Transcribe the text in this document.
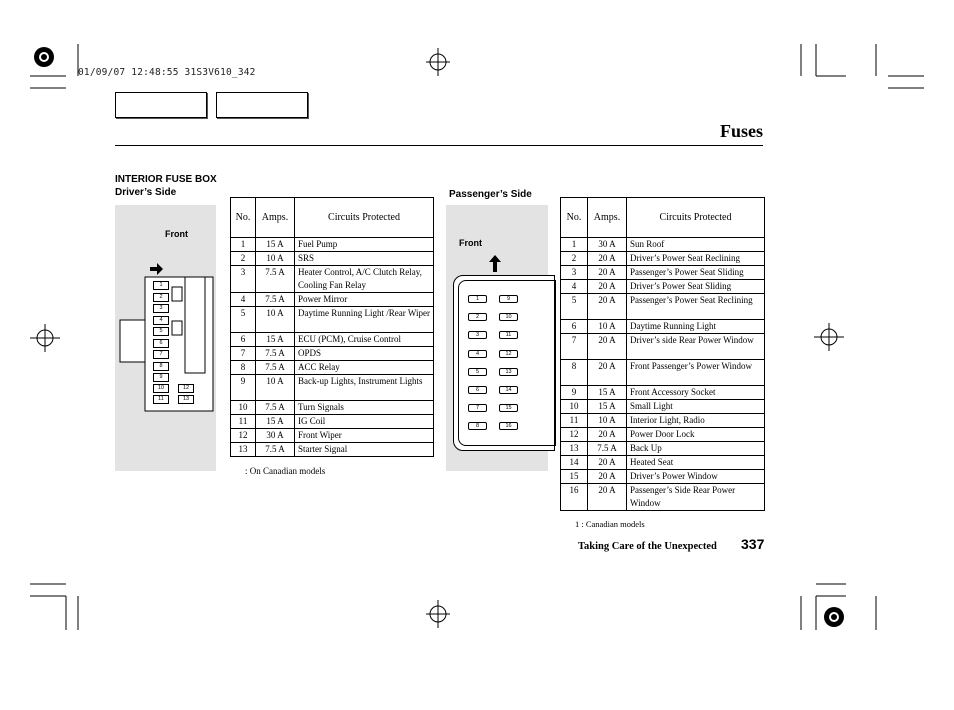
01/09/07 12:48:55 31S3V610_342
Fuses
INTERIOR FUSE BOX
Driver’s Side	Passenger’s Side
Front
1
2
3
4
5
6
7
8
9
10
11
12
13
No.	Amps.	Circuits Protected
1	15 A	Fuel Pump
2	10 A	SRS
3	7.5 A	Heater Control, A/C Clutch Relay, Cooling Fan Relay
4	7.5 A	Power Mirror
5	10 A	Daytime Running Light /Rear Wiper
6	15 A	ECU (PCM), Cruise Control
7	7.5 A	OPDS
8	7.5 A	ACC Relay
9	10 A	Back-up Lights, Instrument Lights
10	7.5 A	Turn Signals
11	15 A	IG Coil
12	30 A	Front Wiper
13	7.5 A	Starter Signal
: On Canadian models
Front
1	9
2	10
3	11
4	12
5	13
6	14
7	15
8	16
No.	Amps.	Circuits Protected
1	30 A	Sun Roof
2	20 A	Driver’s Power Seat Reclining
3	20 A	Passenger’s Power Seat Sliding
4	20 A	Driver’s Power Seat Sliding
5	20 A	Passenger’s Power Seat Reclining
6	10 A	Daytime Running Light
7	20 A	Driver’s side Rear Power Window
8	20 A	Front Passenger’s Power Window
9	15 A	Front Accessory Socket
10	15 A	Small Light
11	10 A	Interior Light, Radio
12	20 A	Power Door Lock
13	7.5 A	Back Up
14	20 A	Heated Seat
15	20 A	Driver’s Power Window
16	20 A	Passenger’s Side Rear Power Window
1 : Canadian models
Taking Care of the Unexpected 337
